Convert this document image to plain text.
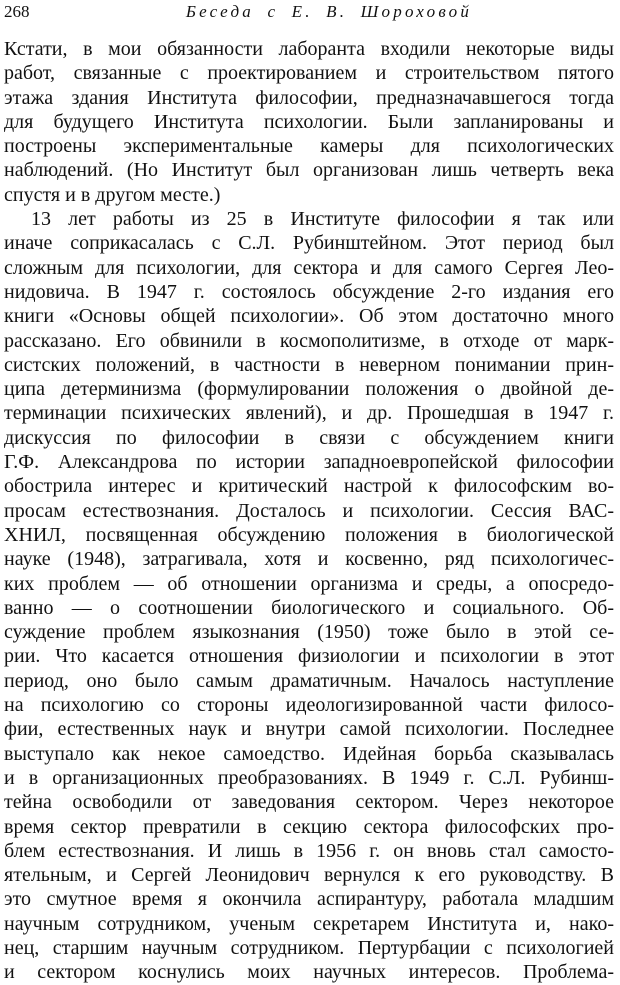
268	Беседа с Е. В. Шороховой
Кстати, в мои обязанности лаборанта входили некоторые виды
работ, связанные с проектированием и строительством пятого
этажа здания Института философии, предназначавшегося тогда
для будущего Института психологии. Были запланированы и
построены экспериментальные камеры для психологических
наблюдений. (Но Институт был организован лишь четверть века
спустя и в другом месте.)
13 лет работы из 25 в Институте философии я так или
иначе соприкасалась с С.Л. Рубинштейном. Этот период был
сложным для психологии, для сектора и для самого Сергея Лео-
нидовича. В 1947 г. состоялось обсуждение 2-го издания его
книги «Основы общей психологии». Об этом достаточно много
рассказано. Его обвинили в космополитизме, в отходе от марк-
систских положений, в частности в неверном понимании прин-
ципа детерминизма (формулировании положения о двойной де-
терминации психических явлений), и др. Прошедшая в 1947 г.
дискуссия по философии в связи с обсуждением книги
Г.Ф. Александрова по истории западноевропейской философии
обострила интерес и критический настрой к философским во-
просам естествознания. Досталось и психологии. Сессия ВАС-
ХНИЛ, посвященная обсуждению положения в биологической
науке (1948), затрагивала, хотя и косвенно, ряд психологичес-
ких проблем — об отношении организма и среды, а опосредо-
ванно — о соотношении биологического и социального. Об-
суждение проблем языкознания (1950) тоже было в этой се-
рии. Что касается отношения физиологии и психологии в этот
период, оно было самым драматичным. Началось наступление
на психологию со стороны идеологизированной части филосо-
фии, естественных наук и внутри самой психологии. Последнее
выступало как некое самоедство. Идейная борьба сказывалась
и в организационных преобразованиях. В 1949 г. С.Л. Рубинш-
тейна освободили от заведования сектором. Через некоторое
время сектор превратили в секцию сектора философских про-
блем естествознания. И лишь в 1956 г. он вновь стал самосто-
ятельным, и Сергей Леонидович вернулся к его руководству. В
это смутное время я окончила аспирантуру, работала младшим
научным сотрудником, ученым секретарем Института и, нако-
нец, старшим научным сотрудником. Пертурбации с психологией
и сектором коснулись моих научных интересов. Проблема-
